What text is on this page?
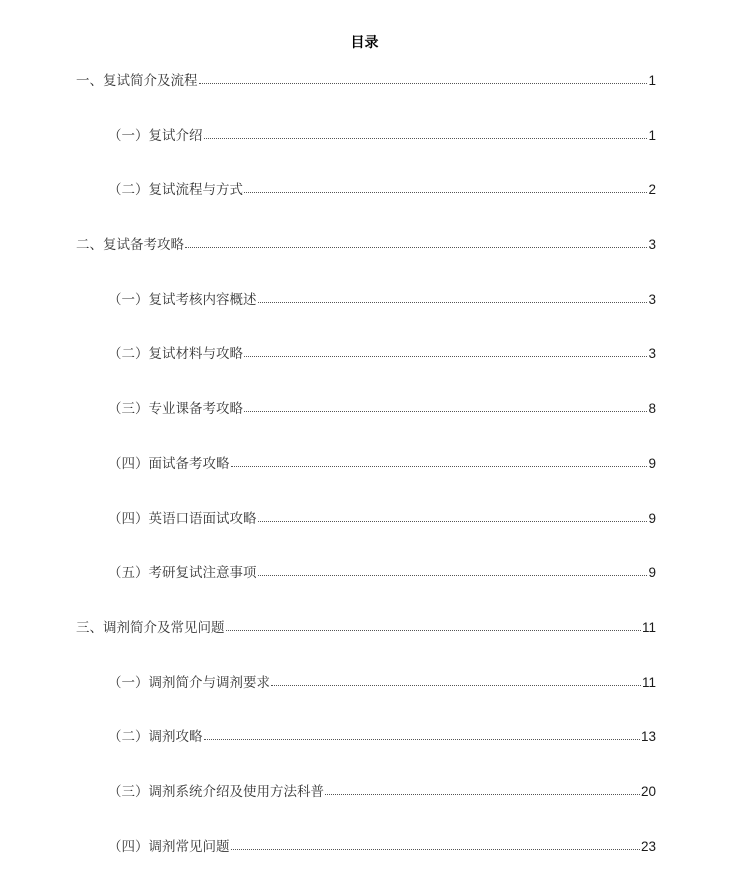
目录
一、复试简介及流程	1
（一）复试介绍	1
（二）复试流程与方式	2
二、复试备考攻略	3
（一）复试考核内容概述	3
（二）复试材料与攻略	3
（三）专业课备考攻略	8
（四）面试备考攻略	9
（四）英语口语面试攻略	9
（五）考研复试注意事项	9
三、调剂简介及常见问题	11
（一）调剂简介与调剂要求	11
（二）调剂攻略	13
（三）调剂系统介绍及使用方法科普	20
（四）调剂常见问题	23
